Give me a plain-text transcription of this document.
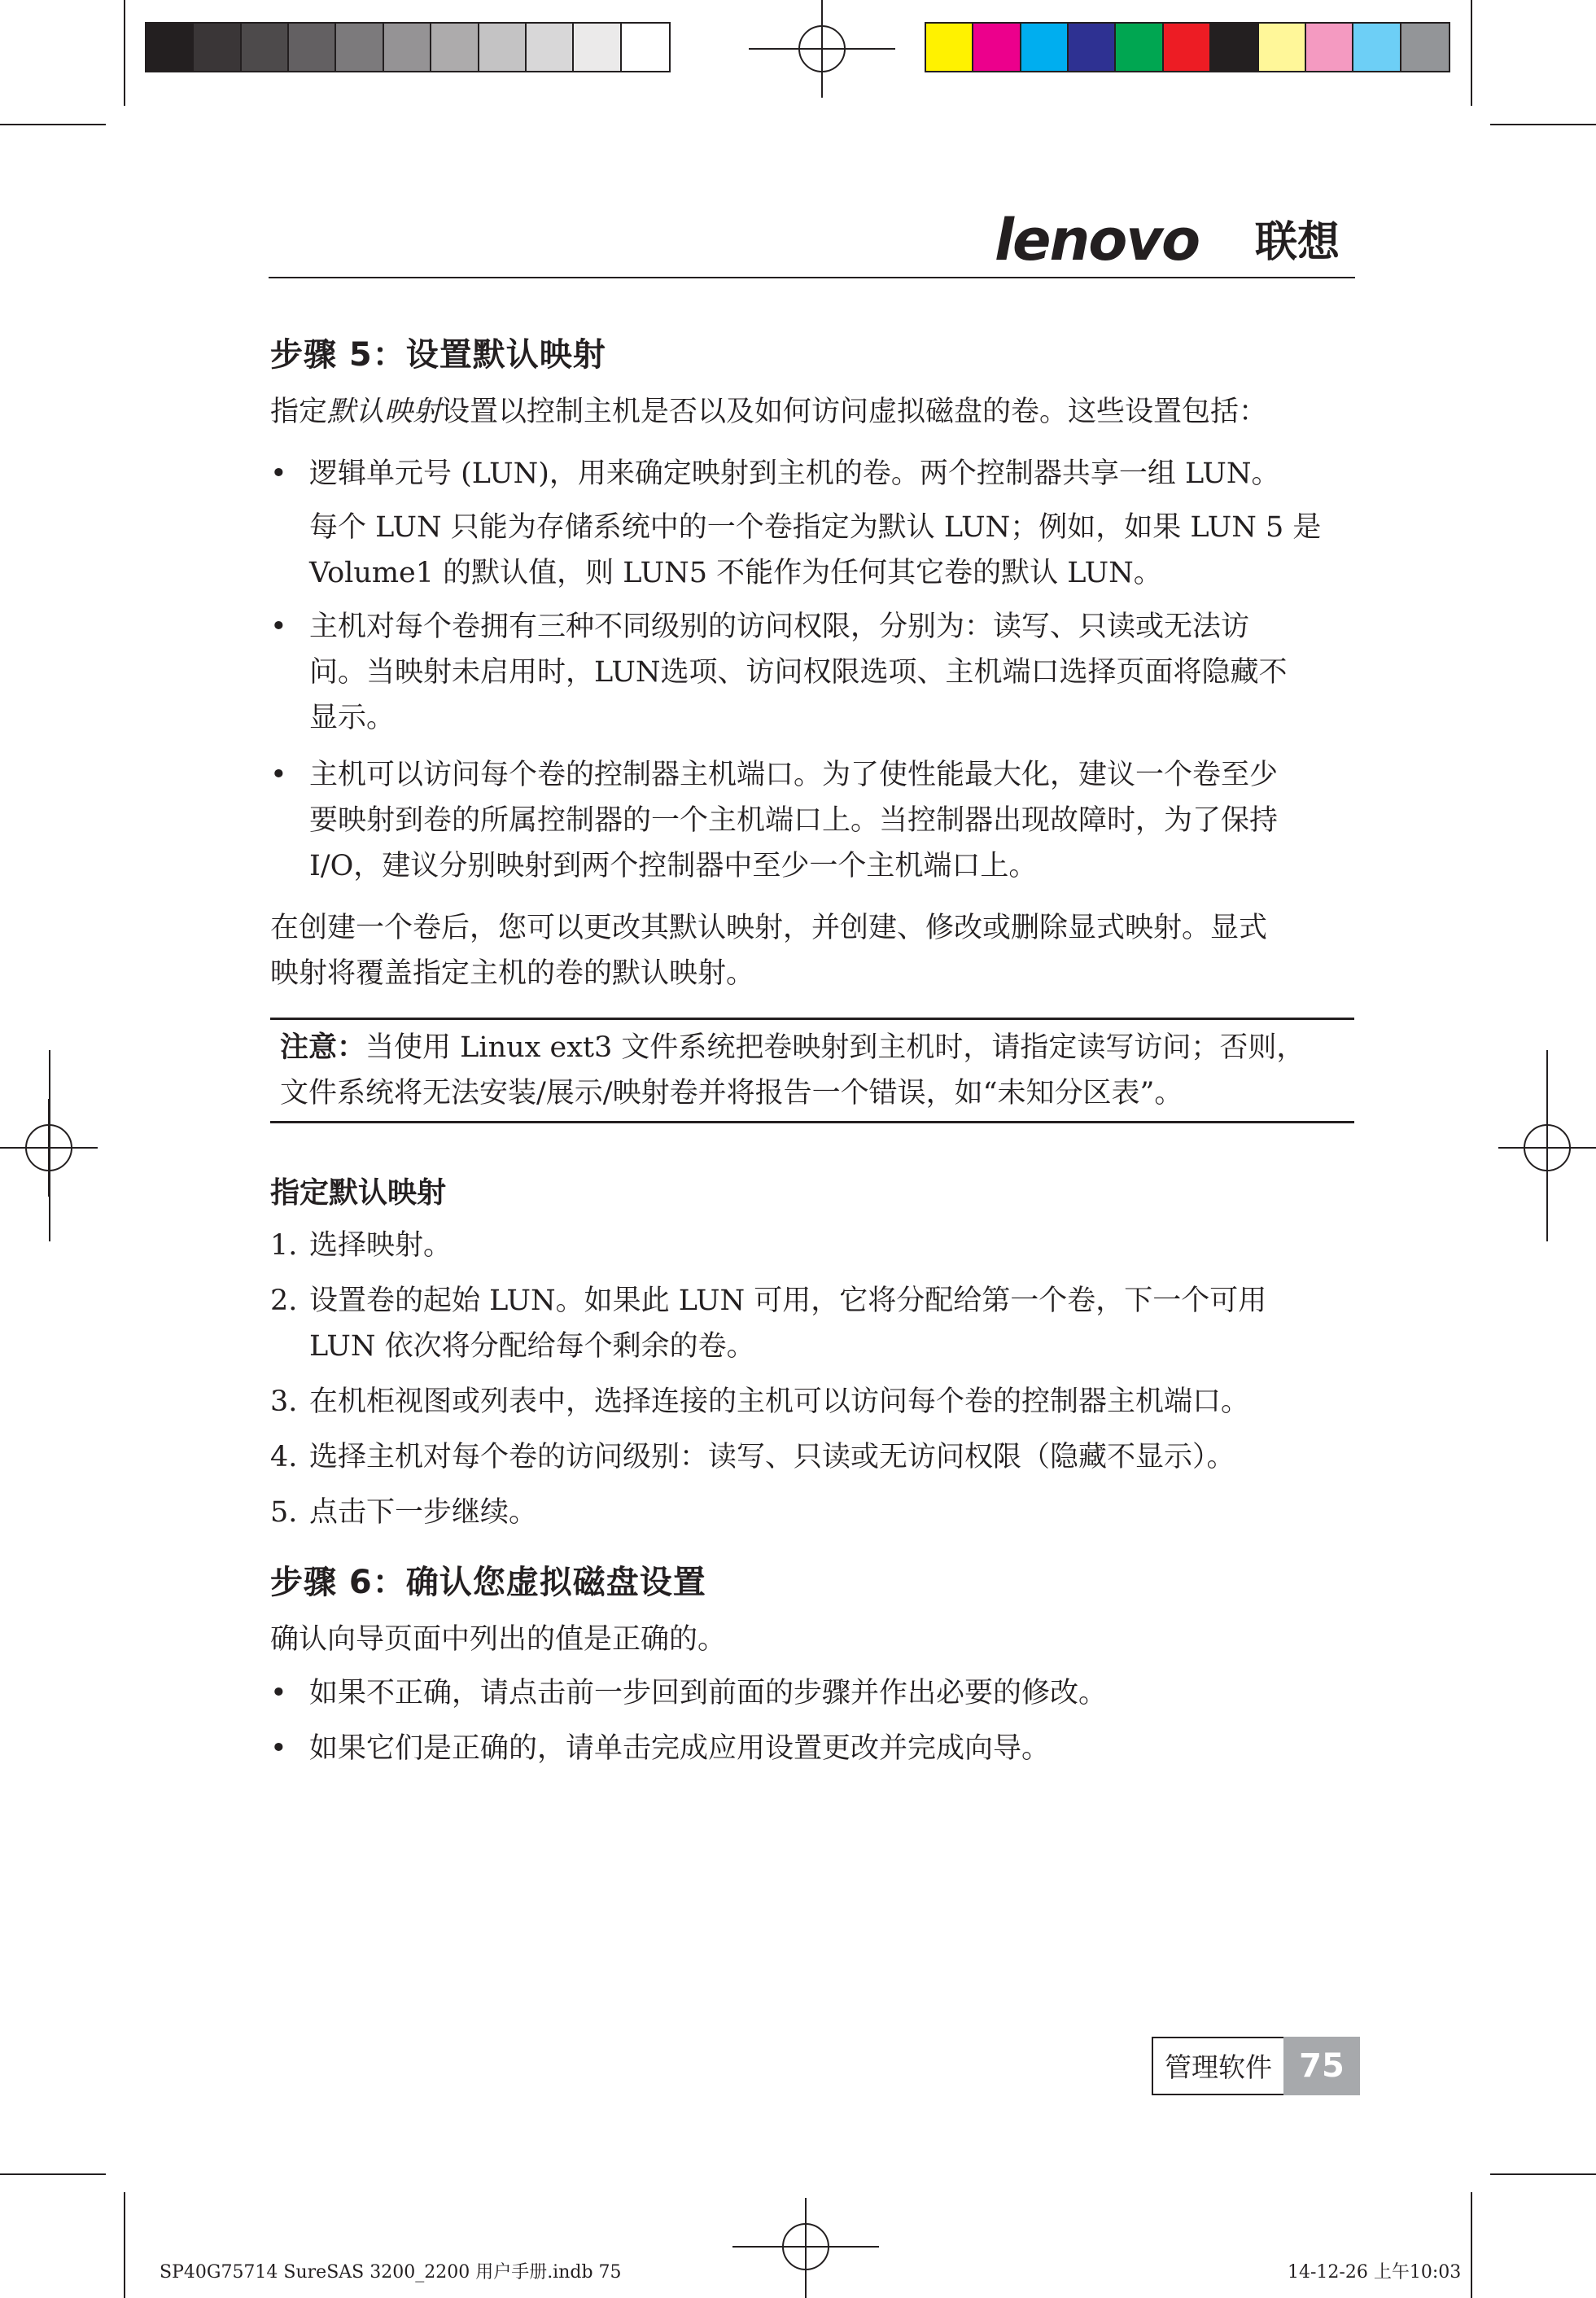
lenovo 联想
步骤 5：设置默认映射

指定默认映射设置以控制主机是否以及如何访问虚拟磁盘的卷。这些设置包括：

• 逻辑单元号 (LUN)，用来确定映射到主机的卷。两个控制器共享一组 LUN。
每个 LUN 只能为存储系统中的一个卷指定为默认 LUN；例如，如果 LUN 5 是
Volume1 的默认值，则 LUN5 不能作为任何其它卷的默认 LUN。
• 主机对每个卷拥有三种不同级别的访问权限，分别为：读写、只读或无法访
问。当映射未启用时，LUN选项、访问权限选项、主机端口选择页面将隐藏不
显示。
• 主机可以访问每个卷的控制器主机端口。为了使性能最大化，建议一个卷至少
要映射到卷的所属控制器的一个主机端口上。当控制器出现故障时，为了保持
I/O，建议分别映射到两个控制器中至少一个主机端口上。

在创建一个卷后，您可以更改其默认映射，并创建、修改或删除显式映射。显式
映射将覆盖指定主机的卷的默认映射。

注意：当使用 Linux ext3 文件系统把卷映射到主机时，请指定读写访问；否则，
文件系统将无法安装/展示/映射卷并将报告一个错误，如“未知分区表”。
指定默认映射
1. 选择映射。
2. 设置卷的起始 LUN。如果此 LUN 可用，它将分配给第一个卷，下一个可用
LUN 依次将分配给每个剩余的卷。
3. 在机柜视图或列表中，选择连接的主机可以访问每个卷的控制器主机端口。
4. 选择主机对每个卷的访问级别：读写、只读或无访问权限（隐藏不显示）。
5. 点击下一步继续。
步骤 6：确认您虚拟磁盘设置

确认向导页面中列出的值是正确的。

• 如果不正确，请点击前一步回到前面的步骤并作出必要的修改。
• 如果它们是正确的，请单击完成应用设置更改并完成向导。
管理软件 75
SP40G75714 SureSAS 3200_2200 用户手册.indb 75	14-12-26 上午10:03
